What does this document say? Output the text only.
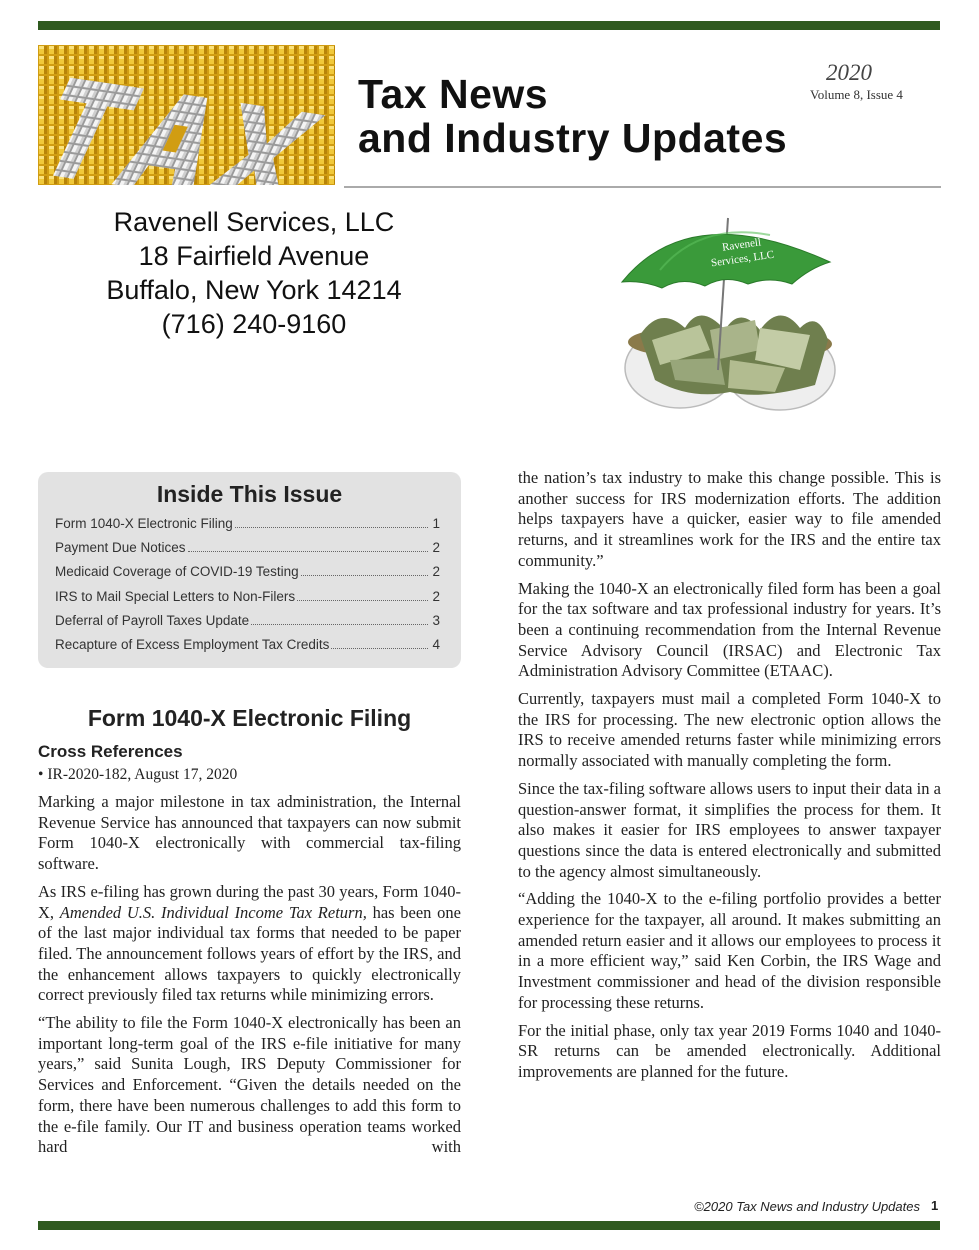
Tax News
and Industry Updates
2020
Volume 8, Issue 4
Ravenell Services, LLC
18 Fairfield Avenue
Buffalo, New York 14214
(716) 240-9160
Ravenell
Services, LLC
Inside This Issue
Form 1040-X Electronic Filing	1
Payment Due Notices	2
Medicaid Coverage of COVID-19 Testing	2
IRS to Mail Special Letters to Non-Filers	2
Deferral of Payroll Taxes Update	3
Recapture of Excess Employment Tax Credits	4
Form 1040-X Electronic Filing
Cross References
• IR-2020-182, August 17, 2020

Marking a major milestone in tax administration, the Internal Revenue Service has announced that taxpayers can now submit Form 1040-X electronically with commercial tax-filing software.

As IRS e-filing has grown during the past 30 years, Form 1040-X, Amended U.S. Individual Income Tax Return, has been one of the last major individual tax forms that needed to be paper filed. The announcement follows years of effort by the IRS, and the enhancement allows taxpayers to quickly electronically correct previously filed tax returns while minimizing errors.

“The ability to file the Form 1040-X electronically has been an important long-term goal of the IRS e-file initiative for many years,” said Sunita Lough, IRS Deputy Commissioner for Services and Enforcement. “Given the details needed on the form, there have been numerous challenges to add this form to the e-file family. Our IT and business operation teams worked hard with

the nation’s tax industry to make this change possible. This is another success for IRS modernization efforts. The addition helps taxpayers have a quicker, easier way to file amended returns, and it streamlines work for the IRS and the entire tax community.”

Making the 1040-X an electronically filed form has been a goal for the tax software and tax professional industry for years. It’s been a continuing recommendation from the Internal Revenue Service Advisory Council (IRSAC) and Electronic Tax Administration Advisory Committee (ETAAC).

Currently, taxpayers must mail a completed Form 1040-X to the IRS for processing. The new electronic option allows the IRS to receive amended returns faster while minimizing errors normally associated with manually completing the form.

Since the tax-filing software allows users to input their data in a question-answer format, it simplifies the process for them. It also makes it easier for IRS employees to answer taxpayer questions since the data is entered electronically and submitted to the agency almost simultaneously.

“Adding the 1040-X to the e-filing portfolio provides a better experience for the taxpayer, all around. It makes submitting an amended return easier and it allows our employees to process it in a more efficient way,” said Ken Corbin, the IRS Wage and Investment commissioner and head of the division responsible for processing these returns.

For the initial phase, only tax year 2019 Forms 1040 and 1040-SR returns can be amended electronically. Additional improvements are planned for the future.

©2020 Tax News and Industry Updates 1
